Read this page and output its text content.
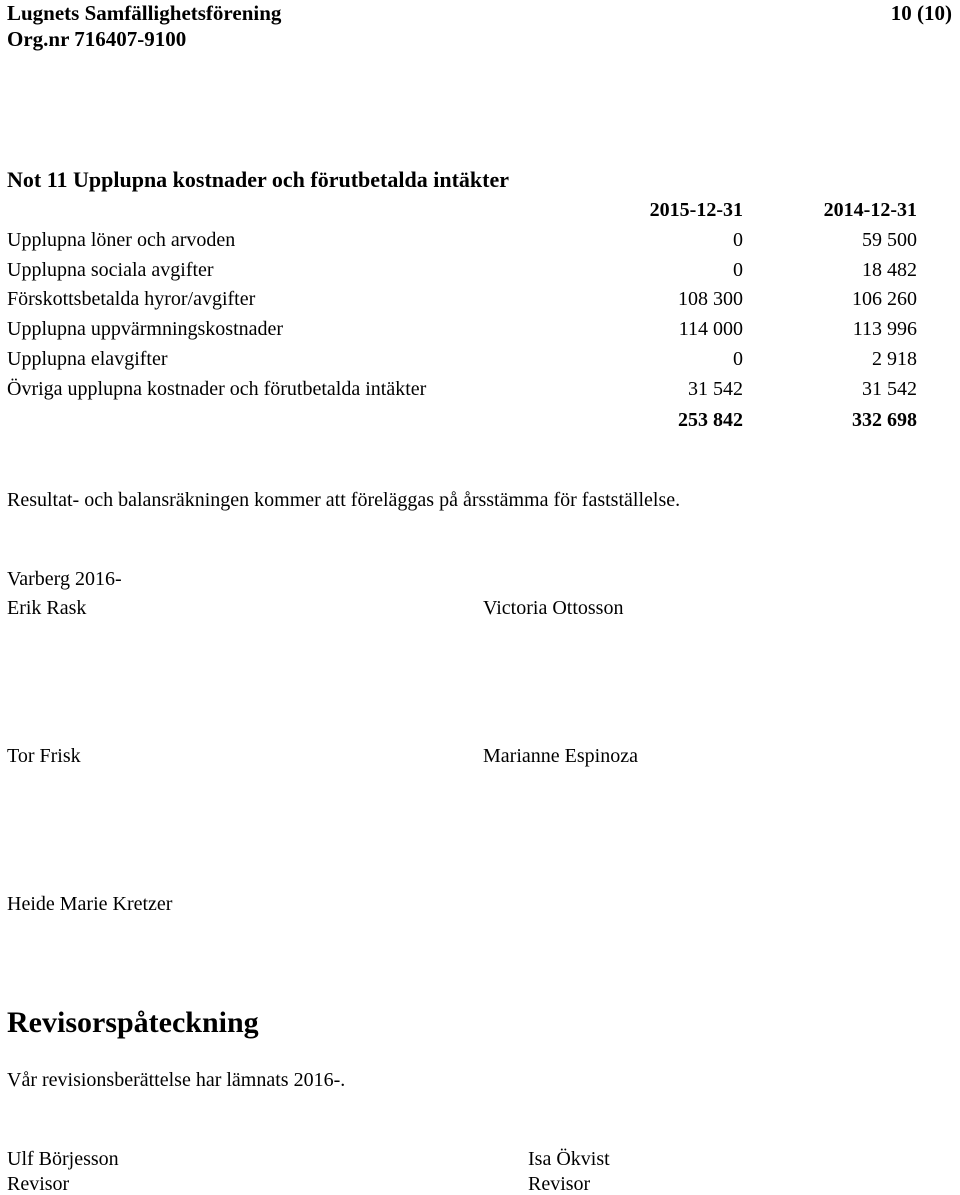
Lugnets Samfällighetsförening
Org.nr 716407-9100
10 (10)
Not 11 Upplupna kostnader och förutbetalda intäkter
2015-12-31	2014-12-31
Upplupna löner och arvoden	0	59 500
Upplupna sociala avgifter	0	18 482
Förskottsbetalda hyror/avgifter	108 300	106 260
Upplupna uppvärmningskostnader	114 000	113 996
Upplupna elavgifter	0	2 918
Övriga upplupna kostnader och förutbetalda intäkter	31 542	31 542
253 842	332 698
Resultat- och balansräkningen kommer att föreläggas på årsstämma för fastställelse.
Varberg 2016-
Erik Rask	Victoria Ottosson
Tor Frisk	Marianne Espinoza
Heide Marie Kretzer
Revisorspåteckning
Vår revisionsberättelse har lämnats 2016-.
Ulf Börjesson
Revisor
Isa Ökvist
Revisor
